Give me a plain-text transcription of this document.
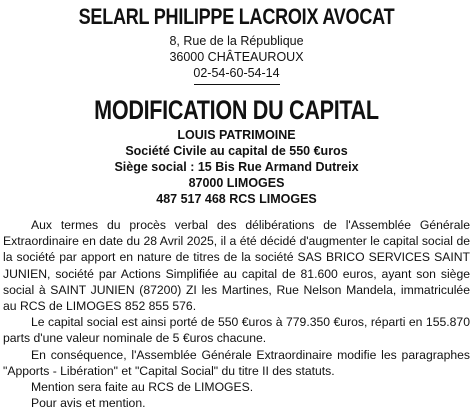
SELARL PHILIPPE LACROIX AVOCAT
8, Rue de la République
36000 CHÂTEAUROUX
02-54-60-54-14
MODIFICATION DU CAPITAL
LOUIS PATRIMOINE
Société Civile au capital de 550 €uros
Siège social : 15 Bis Rue Armand Dutreix
87000 LIMOGES
487 517 468 RCS LIMOGES

Aux termes du procès verbal des délibérations de l'Assemblée Générale Extraordinaire en date du 28 Avril 2025, il a été décidé d'augmenter le capital social de la société par apport en nature de titres de la société SAS BRICO SERVICES SAINT JUNIEN, société par Actions Simplifiée au capital de 81.600 euros, ayant son siège social à SAINT JUNIEN (87200) ZI les Martines, Rue Nelson Mandela, immatriculée au RCS de LIMOGES 852 855 576.

Le capital social est ainsi porté de 550 €uros à 779.350 €uros, réparti en 155.870 parts d'une valeur nominale de 5 €uros chacune.

En conséquence, l'Assemblée Générale Extraordinaire modifie les paragraphes "Apports - Libération" et "Capital Social" du titre II des statuts.

Mention sera faite au RCS de LIMOGES.

Pour avis et mention.
